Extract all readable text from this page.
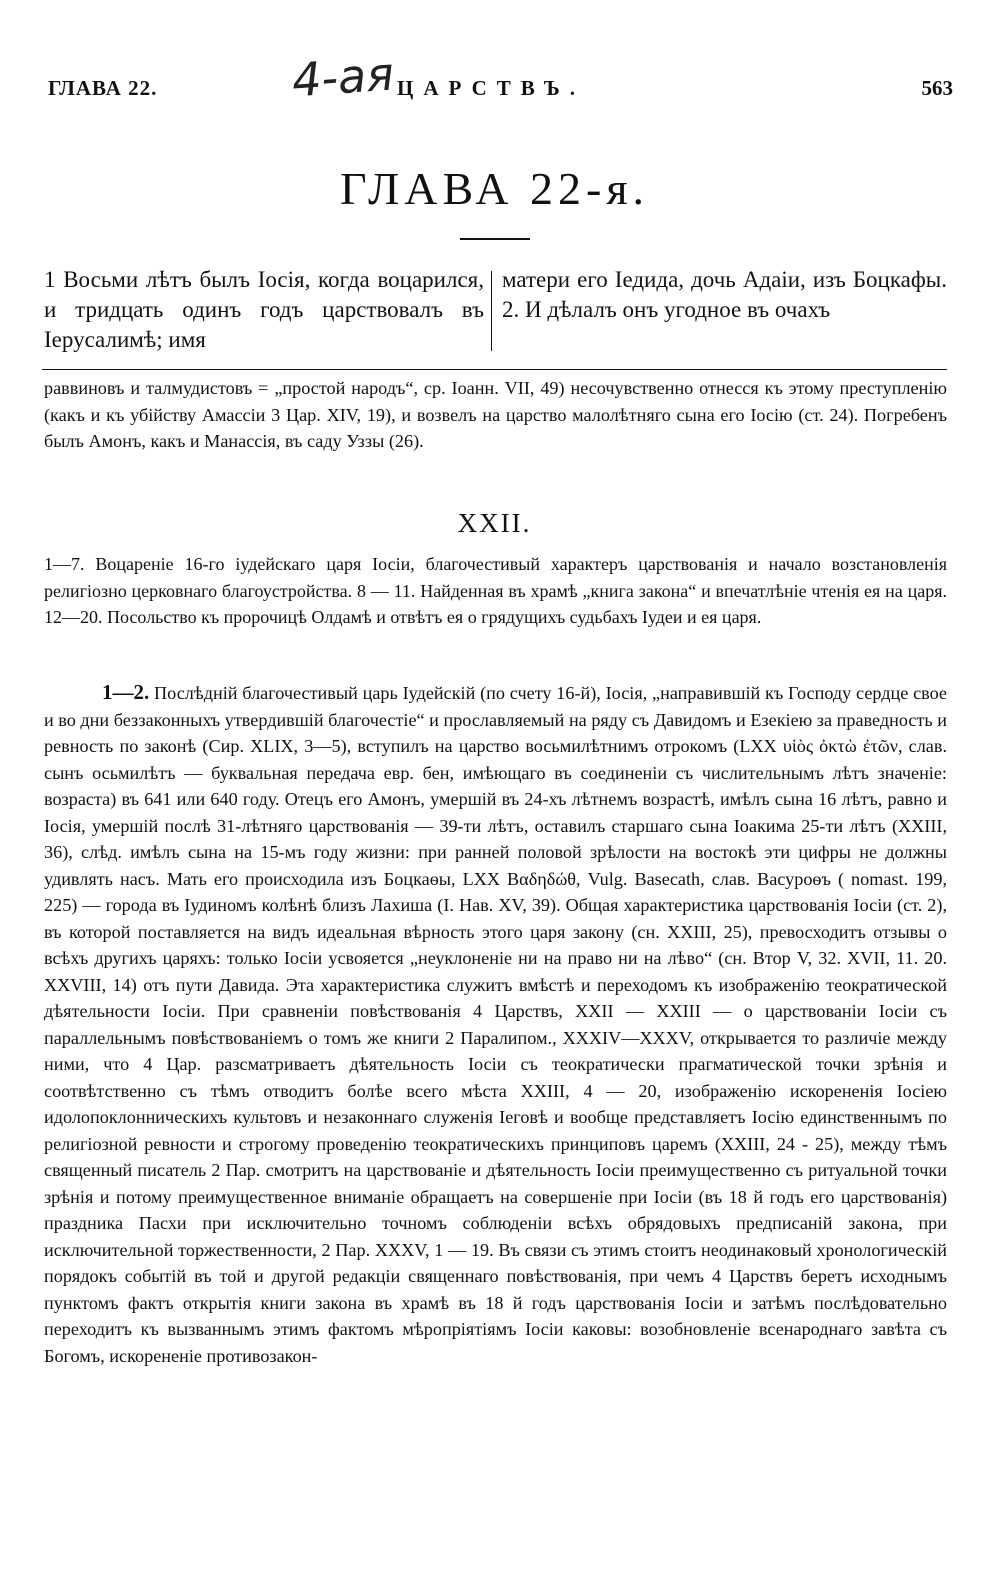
ГЛАВА 22.	4-ая ЦАРСТВЪ.	563
ГЛАВА 22-я.
1 Восьми лѣтъ былъ Іосія, когда воцарился, и тридцать одинъ годъ царствовалъ въ Іерусалимѣ; имя
матери его Іедида, дочь Адаіи, изъ Боцкафы. 2. И дѣлалъ онъ угодное въ очахъ
раввиновъ и талмудистовъ = „простой народъ“, ср. Іоанн. VII, 49) несочувственно отнесся къ этому преступленію (какъ и къ убійству Амассіи 3 Цар. XIV, 19), и возвелъ на царство малолѣтняго сына его Іосію (ст. 24). Погребенъ былъ Амонъ, какъ и Манассія, въ саду Уззы (26).
XXII.
1—7. Воцареніе 16-го іудейскаго царя Іосіи, благочестивый характеръ царствованія и начало возстановленія религіозно церковнаго благоустройства. 8 — 11. Найденная въ храмѣ „книга закона“ и впечатлѣніе чтенія ея на царя. 12—20. Посольство къ пророчицѣ Олдамѣ и отвѣтъ ея о грядущихъ судьбахъ Іудеи и ея царя.
1—2. Послѣдній благочестивый царь Іудейскій (по счету 16-й), Іосія, „направившій къ Господу сердце свое и во дни беззаконныхъ утвердившій благочестіе“ и прославляемый на ряду съ Давидомъ и Езекіею за праведность и ревность по законѣ (Сир. XLIX, 3—5), вступилъ на царство восьмилѣтнимъ отрокомъ (LXX υἱὸς ὀκτὼ ἐτῶν, слав. сынъ осьмилѣтъ — буквальная передача евр. бен, имѣющаго въ соединеніи съ числительнымъ лѣтъ значеніе: возраста) въ 641 или 640 году. Отецъ его Амонъ, умершій въ 24-хъ лѣтнемъ возрастѣ, имѣлъ сына 16 лѣтъ, равно и Іосія, умершій послѣ 31-лѣтняго царствованія — 39-ти лѣтъ, оставилъ старшаго сына Іоакима 25-ти лѣтъ (XXIII, 36), слѣд. имѣлъ сына на 15-мъ году жизни: при ранней половой зрѣлости на востокѣ эти цифры не должны удивлять насъ. Мать его происходила изъ Боцкаѳы, LXX Βαδηδώθ, Vulg. Basecath, слав. Васуроѳъ ( nomast. 199, 225) — города въ Іудиномъ колѣнѣ близъ Лахиша (I. Нав. XV, 39). Общая характеристика царствованія Іосіи (ст. 2), въ которой поставляется на видъ идеальная вѣрность этого царя закону (сн. XXIII, 25), превосходитъ отзывы о всѣхъ другихъ царяхъ: только Іосіи усвояется „неуклоненіе ни на право ни на лѣво“ (сн. Втор V, 32. XVII, 11. 20. XXVIII, 14) отъ пути Давида. Эта характеристика служитъ вмѣстѣ и переходомъ къ изображенію теократической дѣятельности Іосіи. При сравненіи повѣствованія 4 Царствъ, XXII — XXIII — о царствованіи Іосіи съ параллельнымъ повѣствованіемъ о томъ же книги 2 Паралипом., XXXIV—XXXV, открывается то различіе между ними, что 4 Цар. разсматриваетъ дѣятельность Іосіи съ теократически прагматической точки зрѣнія и соотвѣтственно съ тѣмъ отводитъ болѣе всего мѣста XXIII, 4 — 20, изображенію искорененія Іосіею идолопоклонническихъ культовъ и незаконнаго служенія Іеговѣ и вообще представляетъ Іосію единственнымъ по религіозной ревности и строгому проведенію теократическихъ принциповъ царемъ (XXIII, 24 - 25), между тѣмъ священный писатель 2 Пар. смотритъ на царствованіе и дѣятельность Іосіи преимущественно съ ритуальной точки зрѣнія и потому преимущественное вниманіе обращаетъ на совершеніе при Іосіи (въ 18 й годъ его царствованія) праздника Пасхи при исключительно точномъ соблюденіи всѣхъ обрядовыхъ предписаній закона, при исключительной торжественности, 2 Пар. XXXV, 1 — 19. Въ связи съ этимъ стоитъ неодинаковый хронологическій порядокъ событій въ той и другой редакціи священнаго повѣствованія, при чемъ 4 Царствъ беретъ исходнымъ пунктомъ фактъ открытія книги закона въ храмѣ въ 18 й годъ царствованія Іосіи и затѣмъ послѣдовательно переходитъ къ вызваннымъ этимъ фактомъ мѣропріятіямъ Іосіи каковы: возобновленіе всенароднаго завѣта съ Богомъ, искорененіе противозакон-
